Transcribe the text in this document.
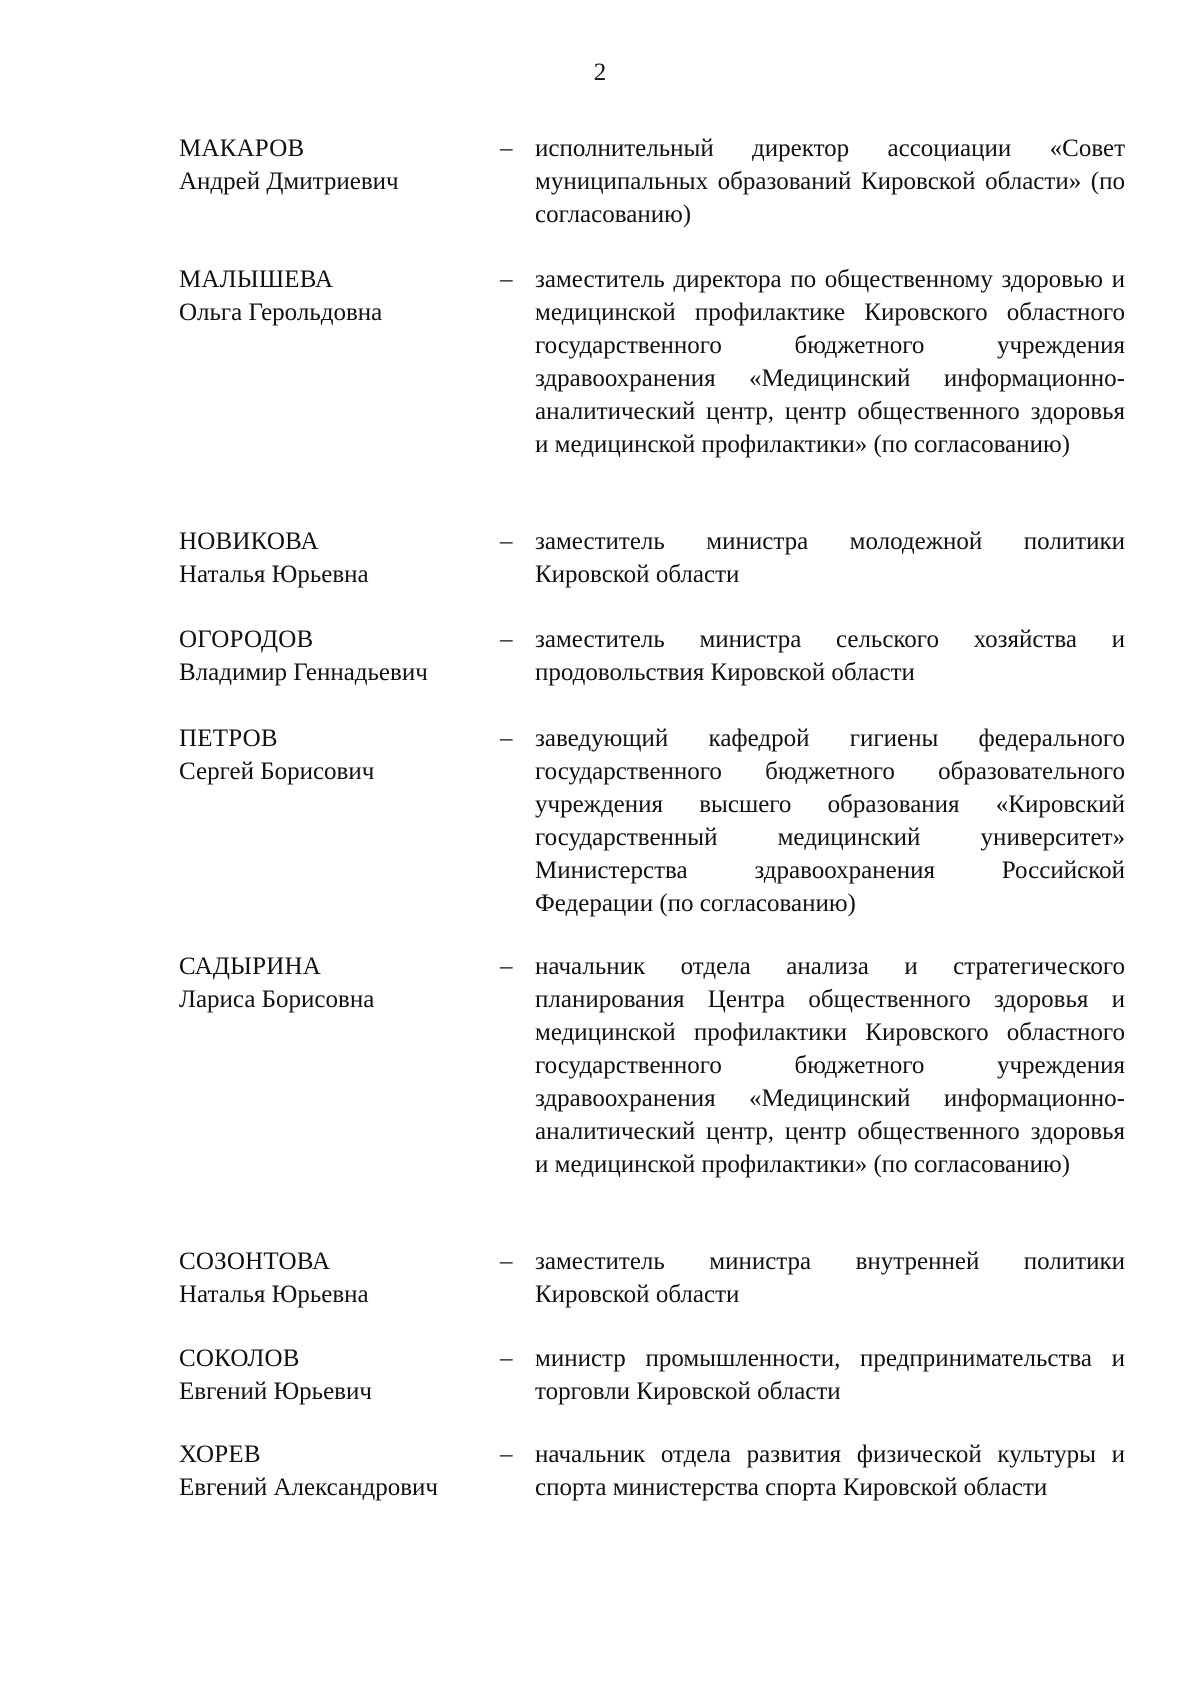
2
МАКАРОВ
Андрей Дмитриевич
– исполнительный директор ассоциации «Совет муниципальных образований Кировской области» (по согласованию)
МАЛЫШЕВА
Ольга Герольдовна
– заместитель директора по общественному здоровью и медицинской профилактике Кировского областного государственного бюджетного учреждения здравоохранения «Медицинский информационно-аналитический центр, центр общественного здоровья и медицинской профилактики» (по согласованию)
НОВИКОВА
Наталья Юрьевна
– заместитель министра молодежной политики Кировской области
ОГОРОДОВ
Владимир Геннадьевич
– заместитель министра сельского хозяйства и продовольствия Кировской области
ПЕТРОВ
Сергей Борисович
– заведующий кафедрой гигиены федерального государственного бюджетного образовательного учреждения высшего образования «Кировский государственный медицинский университет» Министерства здравоохранения Российской Федерации (по согласованию)
САДЫРИНА
Лариса Борисовна
– начальник отдела анализа и стратегического планирования Центра общественного здоровья и медицинской профилактики Кировского областного государственного бюджетного учреждения здравоохранения «Медицинский информационно-аналитический центр, центр общественного здоровья и медицинской профилактики» (по согласованию)
СОЗОНТОВА
Наталья Юрьевна
– заместитель министра внутренней политики Кировской области
СОКОЛОВ
Евгений Юрьевич
– министр промышленности, предпринимательства и торговли Кировской области
ХОРЕВ
Евгений Александрович
– начальник отдела развития физической культуры и спорта министерства спорта Кировской области
